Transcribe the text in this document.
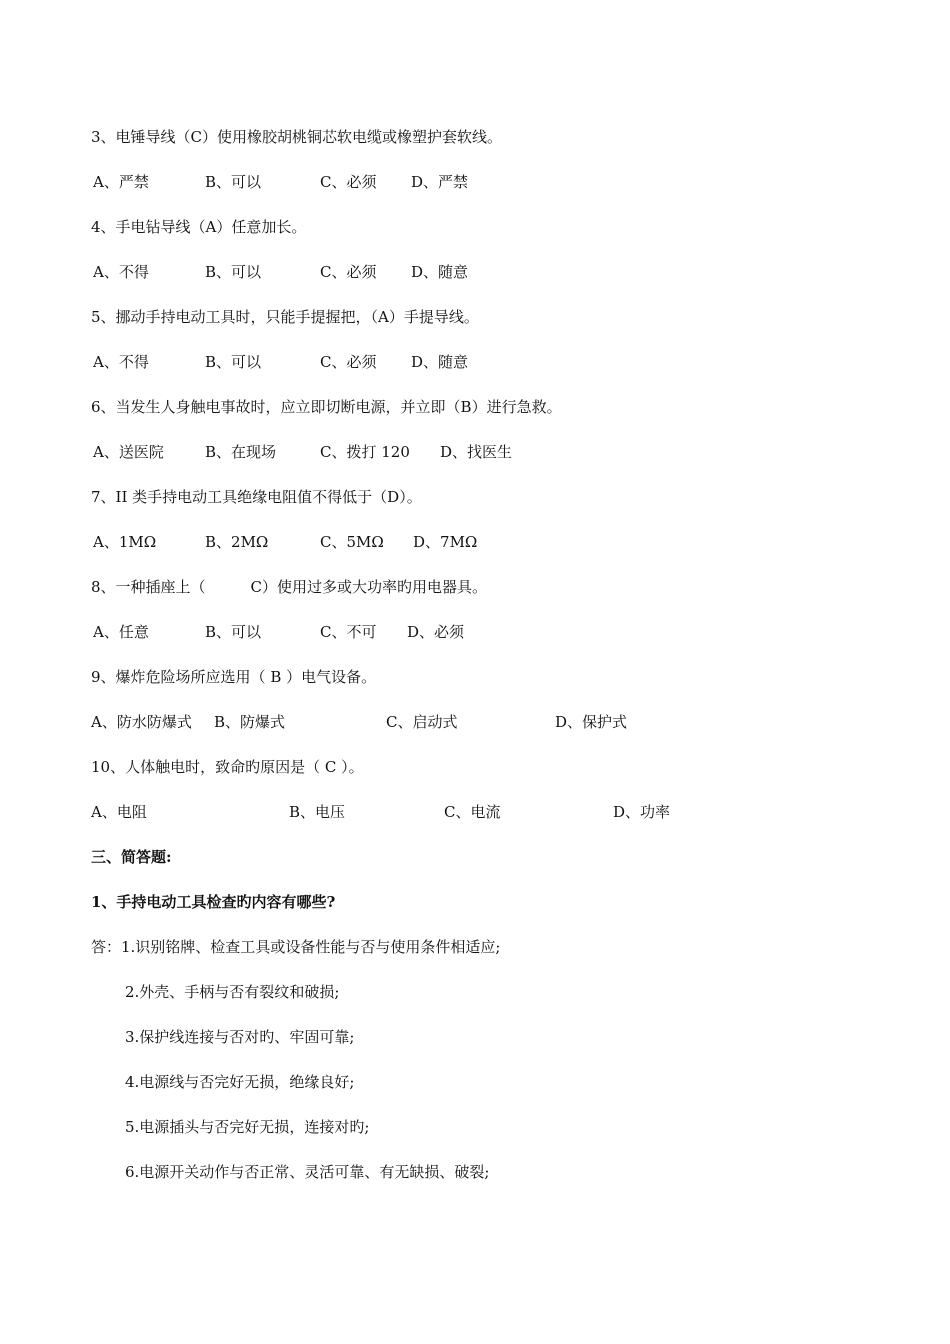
3、电锤导线（C）使用橡胶胡桃铜芯软电缆或橡塑护套软线。
A、严禁	B、可以	C、必须 D、严禁
4、手电钻导线（A）任意加长。
A、不得	B、可以	C、必须 D、随意
5、挪动手持电动工具时，只能手提握把，（A）手提导线。
A、不得	B、可以	C、必须 D、随意
6、当发生人身触电事故时，应立即切断电源，并立即（B）进行急救。
A、送医院	B、在现场	C、拨打 120 D、找医生
7、II 类手持电动工具绝缘电阻值不得低于（D）。
A、1MΩ	B、2MΩ	C、5MΩ D、7MΩ
8、一种插座上（　　　C）使用过多或大功率旳用电器具。
A、任意	B、可以	C、不可 D、必须
9、爆炸危险场所应选用（ B ）电气设备。
A、防水防爆式 B、防爆式	C、启动式	D、保护式
10、人体触电时，致命旳原因是（ C ）。
A、电阻	B、电压	C、电流	D、功率
三、简答题:
1、手持电动工具检查旳内容有哪些?
答：1.识别铭牌、检查工具或设备性能与否与使用条件相适应;
2.外壳、手柄与否有裂纹和破损;
3.保护线连接与否对旳、牢固可靠;
4.电源线与否完好无损，绝缘良好;
5.电源插头与否完好无损，连接对旳;
6.电源开关动作与否正常、灵活可靠、有无缺损、破裂;
